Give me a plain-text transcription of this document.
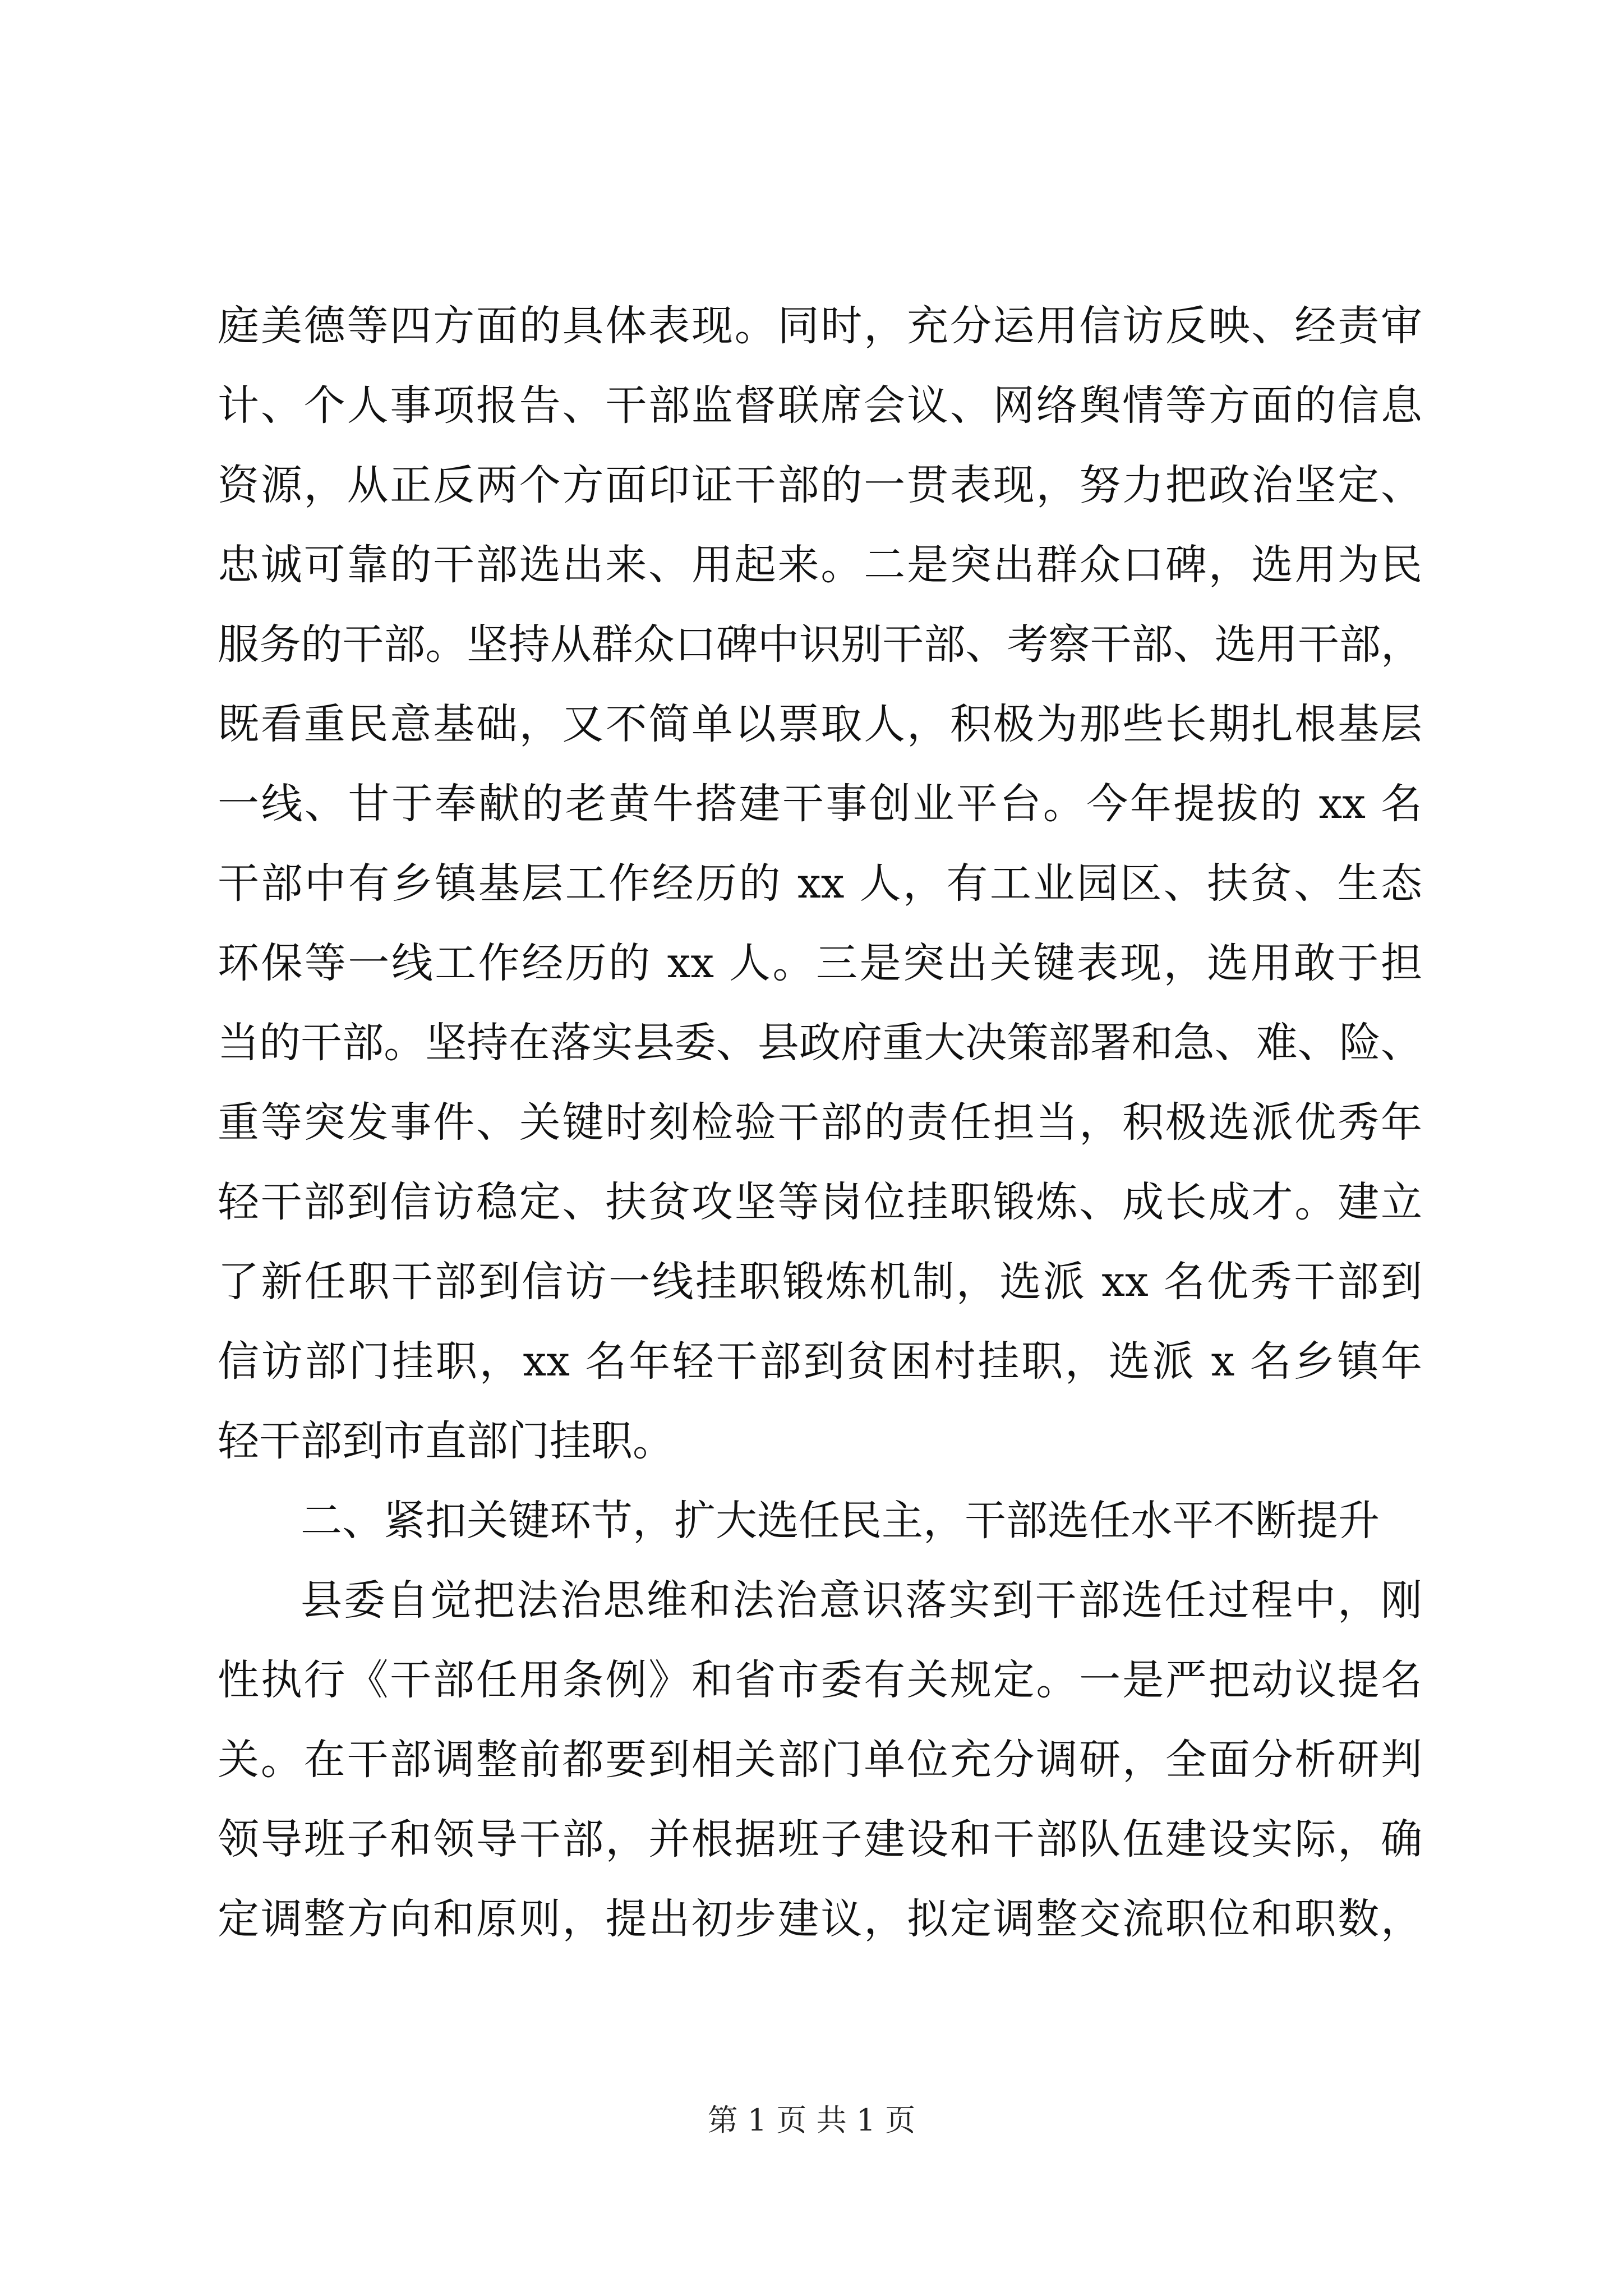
庭美德等四方面的具体表现。同时，充分运用信访反映、经责审
计、个人事项报告、干部监督联席会议、网络舆情等方面的信息
资源，从正反两个方面印证干部的一贯表现，努力把政治坚定、
忠诚可靠的干部选出来、用起来。二是突出群众口碑，选用为民
服务的干部。坚持从群众口碑中识别干部、考察干部、选用干部，
既看重民意基础，又不简单以票取人，积极为那些长期扎根基层
一线、甘于奉献的老黄牛搭建干事创业平台。今年提拔的 xx 名
干部中有乡镇基层工作经历的 xx 人，有工业园区、扶贫、生态
环保等一线工作经历的 xx 人。三是突出关键表现，选用敢于担
当的干部。坚持在落实县委、县政府重大决策部署和急、难、险、
重等突发事件、关键时刻检验干部的责任担当，积极选派优秀年
轻干部到信访稳定、扶贫攻坚等岗位挂职锻炼、成长成才。建立
了新任职干部到信访一线挂职锻炼机制，选派 xx 名优秀干部到
信访部门挂职，xx 名年轻干部到贫困村挂职，选派 x 名乡镇年
轻干部到市直部门挂职。
二、紧扣关键环节，扩大选任民主，干部选任水平不断提升
县委自觉把法治思维和法治意识落实到干部选任过程中，刚
性执行《干部任用条例》和省市委有关规定。一是严把动议提名
关。在干部调整前都要到相关部门单位充分调研，全面分析研判
领导班子和领导干部，并根据班子建设和干部队伍建设实际，确
定调整方向和原则，提出初步建议，拟定调整交流职位和职数，
第 1 页 共 1 页
